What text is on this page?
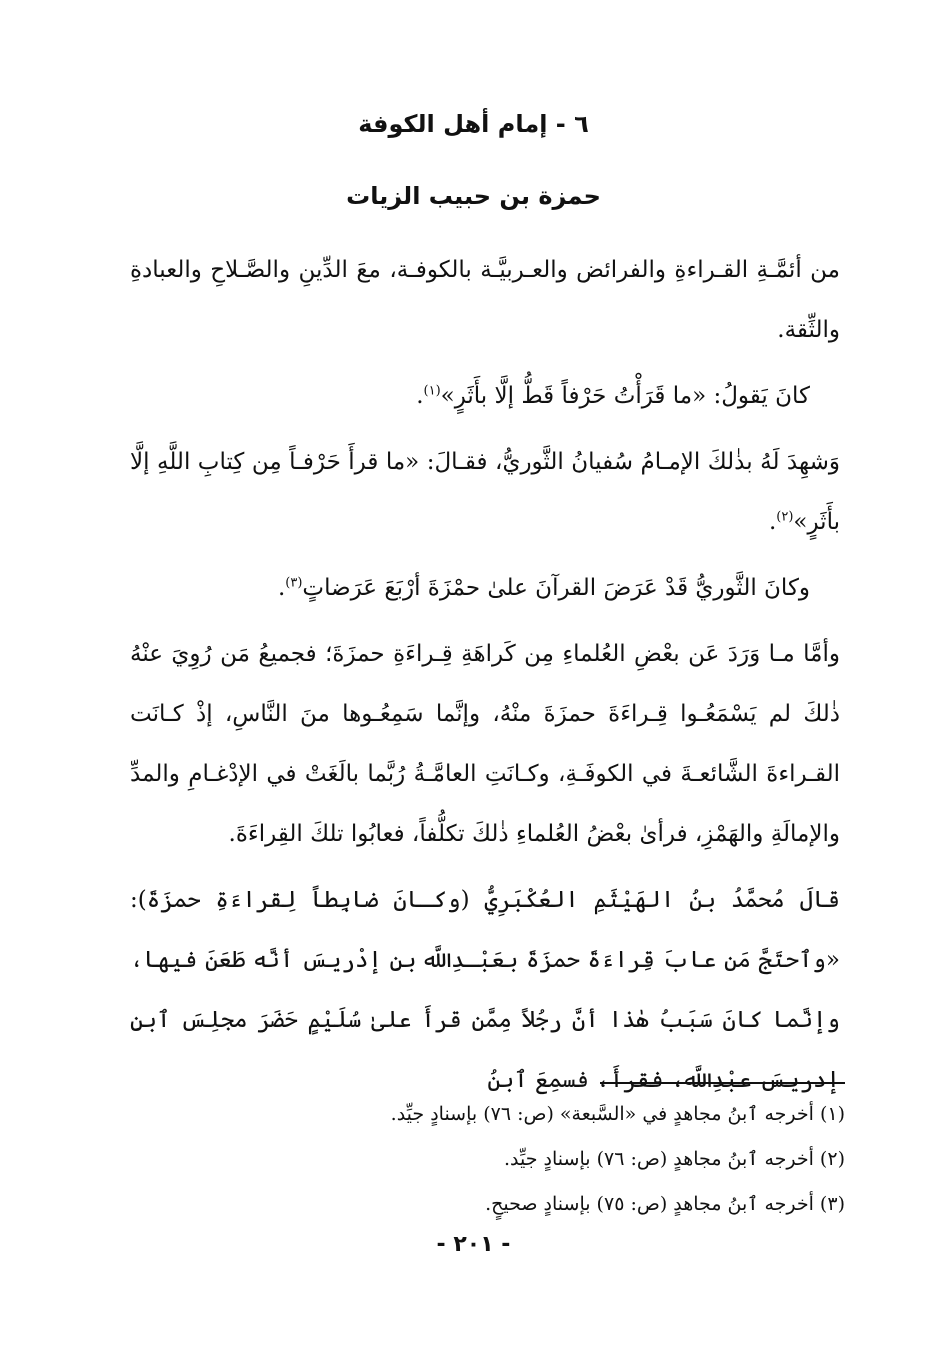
٦ - إمام أهل الكوفة
حمزة بن حبيب الزيات

من أئمَّـةِ القـراءةِ والفرائض والعـربيَّـة بالكوفـة، معَ الدِّينِ والصَّـلاحِ والعبادةِ والثِّقة.

كانَ يَقولُ: «ما قَرَأْتُ حَرْفاً قَطُّ إلَّا بأَثَرٍ»$^{(١)}$.

وَشهِدَ لَهُ بذٰلكَ الإمـامُ سُفيانُ الثَّوريُّ، فقـالَ: «ما قرأَ حَرْفـاً مِن كِتابِ اللَّهِ إلَّا بأَثَرٍ»$^{(٢)}$.

وكانَ الثَّوريُّ قَدْ عَرَضَ القرآنَ علىٰ حمْزَةَ أرْبَعَ عَرَضاتٍ$^{(٣)}$.

وأمَّا مـا وَرَدَ عَن بعْضِ العُلماءِ مِن كَراهَةِ قِـراءَةِ حمزَةَ؛ فجميعُ مَن رُوِيَ عنْهُ ذٰلكَ لم يَسْمَعُـوا قِـراءَةَ حمزَةَ منْهُ، وإنَّما سَمِعُـوها منَ النَّاسِ، إذْ كـانَت القـراءةَ الشَّائعـةَ في الكوفَـةِ، وكـانَتِ العامَّـةُ رُبَّما بالَغَتْ في الإدْغـامِ والمدِّ والإمالَةِ والهَمْزِ، فرأىٰ بعْضُ العُلماءِ ذٰلكَ تكلُّفاً، فعابُوا تلكَ القِراءَةَ.

قالَ مُحمَّدُ بنُ الهَيْثَمِ العُكْبَرِيُّ (وكـانَ ضابِطاً لِقراءَةِ حمزَةَ): «وٱحتَجَّ مَن عابَ قِراءَةَ حمزَةَ بعَبْـدِاللَّه بنِ إدْريسَ أنَّه طَعَنَ فيها، وإنَّما كانَ سَبَبُ هٰذا أنَّ رجُلاً مِمَّن قرأَ علىٰ سُلَيْمٍ حَضَرَ مجلِسَ ٱبنِ إدريسَ عبْدِاللَّه، فقرأَ، فسمِعَ ٱبنُ

(١) أخرجه ٱبنُ مجاهدٍ في «السَّبعة» (ص: ٧٦) بإسنادٍ جيِّد.
(٢) أخرجه ٱبنُ مجاهدٍ (ص: ٧٦) بإسنادٍ جيِّد.
(٣) أخرجه ٱبنُ مجاهدٍ (ص: ٧٥) بإسنادٍ صحيحٍ.
- ٢٠١ -
